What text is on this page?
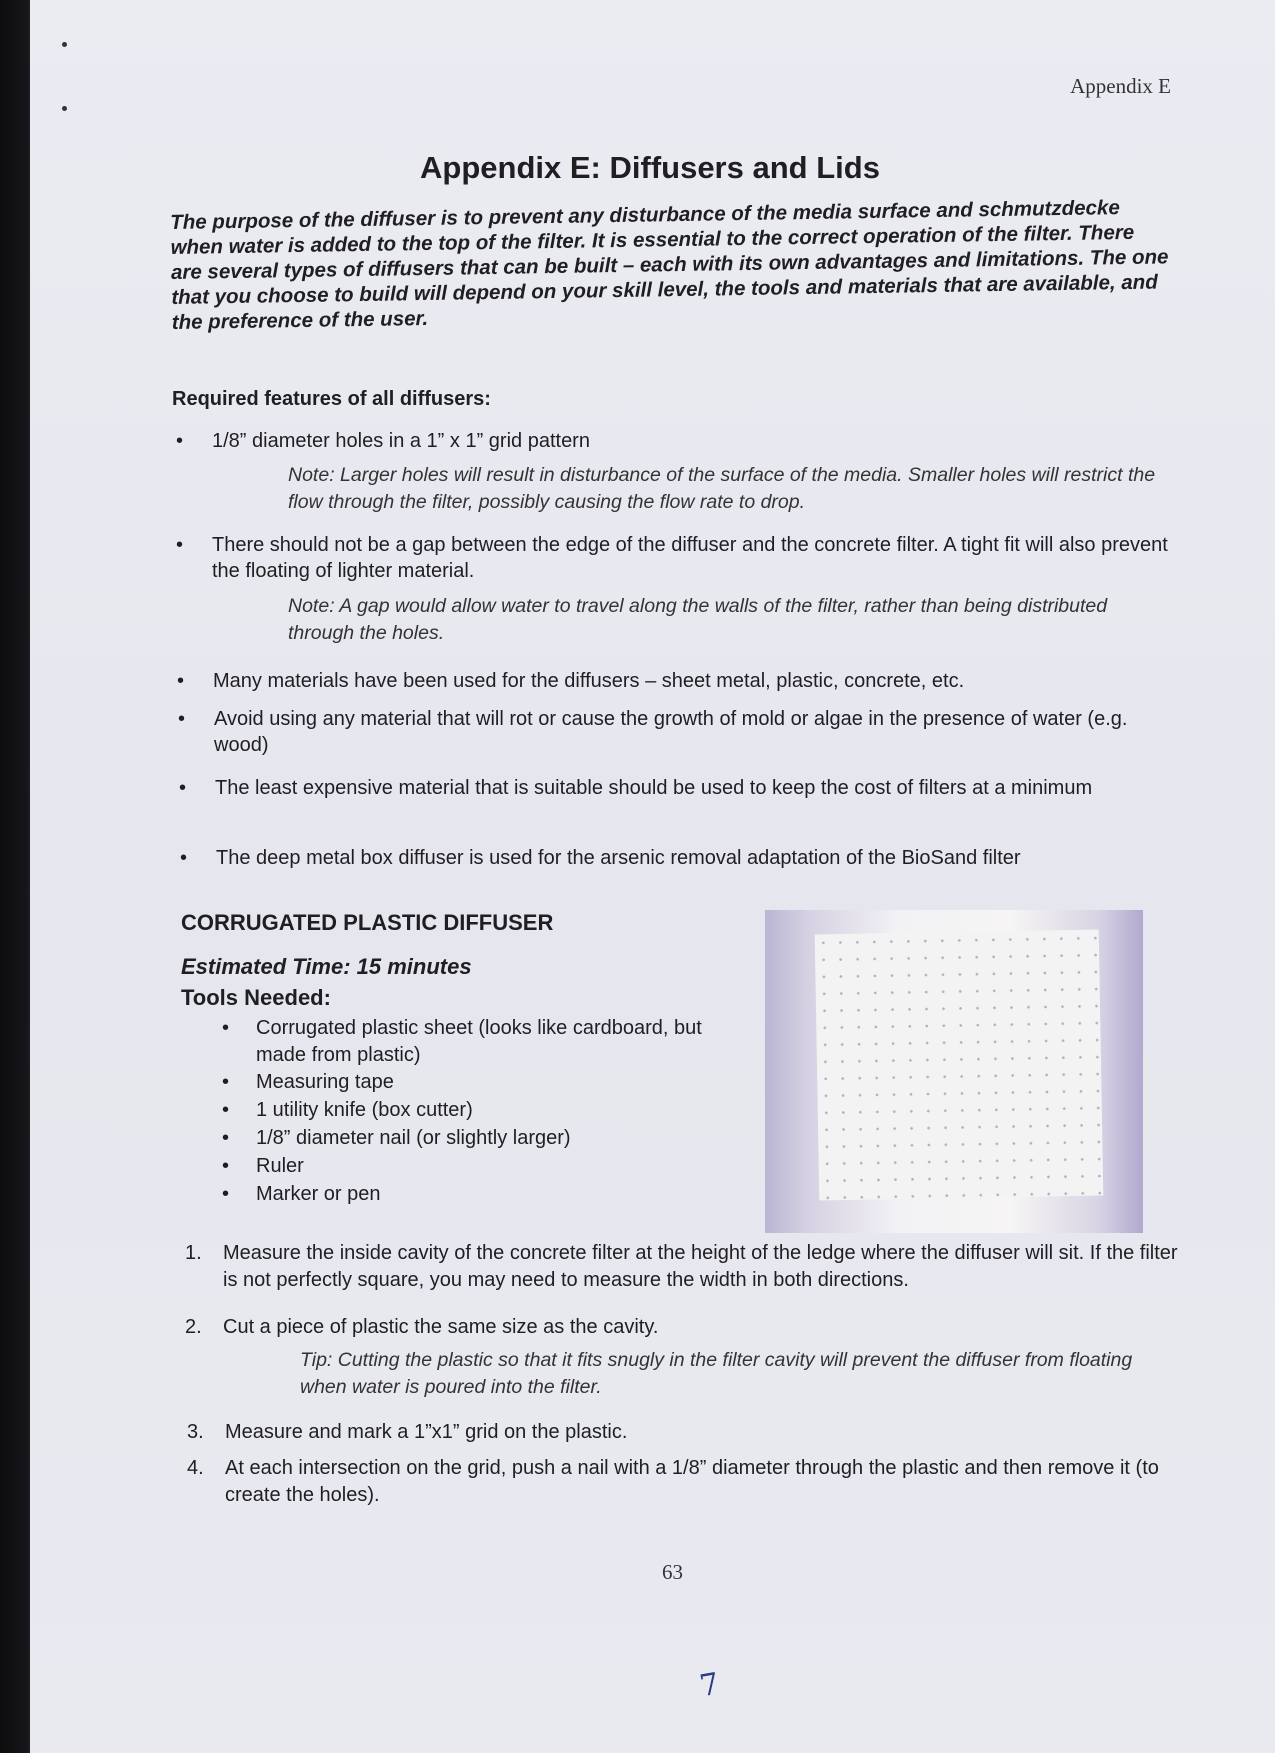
Appendix E
Appendix E: Diffusers and Lids
The purpose of the diffuser is to prevent any disturbance of the media surface and schmutzdecke when water is added to the top of the filter. It is essential to the correct operation of the filter. There are several types of diffusers that can be built – each with its own advantages and limitations. The one that you choose to build will depend on your skill level, the tools and materials that are available, and the preference of the user.
Required features of all diffusers:
• 1/8” diameter holes in a 1” x 1” grid pattern
Note: Larger holes will result in disturbance of the surface of the media. Smaller holes will restrict the flow through the filter, possibly causing the flow rate to drop.
• There should not be a gap between the edge of the diffuser and the concrete filter. A tight fit will also prevent the floating of lighter material.
Note: A gap would allow water to travel along the walls of the filter, rather than being distributed through the holes.
• Many materials have been used for the diffusers – sheet metal, plastic, concrete, etc.
• Avoid using any material that will rot or cause the growth of mold or algae in the presence of water (e.g. wood)
• The least expensive material that is suitable should be used to keep the cost of filters at a minimum
• The deep metal box diffuser is used for the arsenic removal adaptation of the BioSand filter
CORRUGATED PLASTIC DIFFUSER
Estimated Time: 15 minutes
Tools Needed:
• Corrugated plastic sheet (looks like cardboard, but made from plastic)
• Measuring tape
• 1 utility knife (box cutter)
• 1/8” diameter nail (or slightly larger)
• Ruler
• Marker or pen
1. Measure the inside cavity of the concrete filter at the height of the ledge where the diffuser will sit. If the filter is not perfectly square, you may need to measure the width in both directions.
2. Cut a piece of plastic the same size as the cavity.
Tip: Cutting the plastic so that it fits snugly in the filter cavity will prevent the diffuser from floating when water is poured into the filter.
3. Measure and mark a 1”x1” grid on the plastic.
4. At each intersection on the grid, push a nail with a 1/8” diameter through the plastic and then remove it (to create the holes).
63
7
